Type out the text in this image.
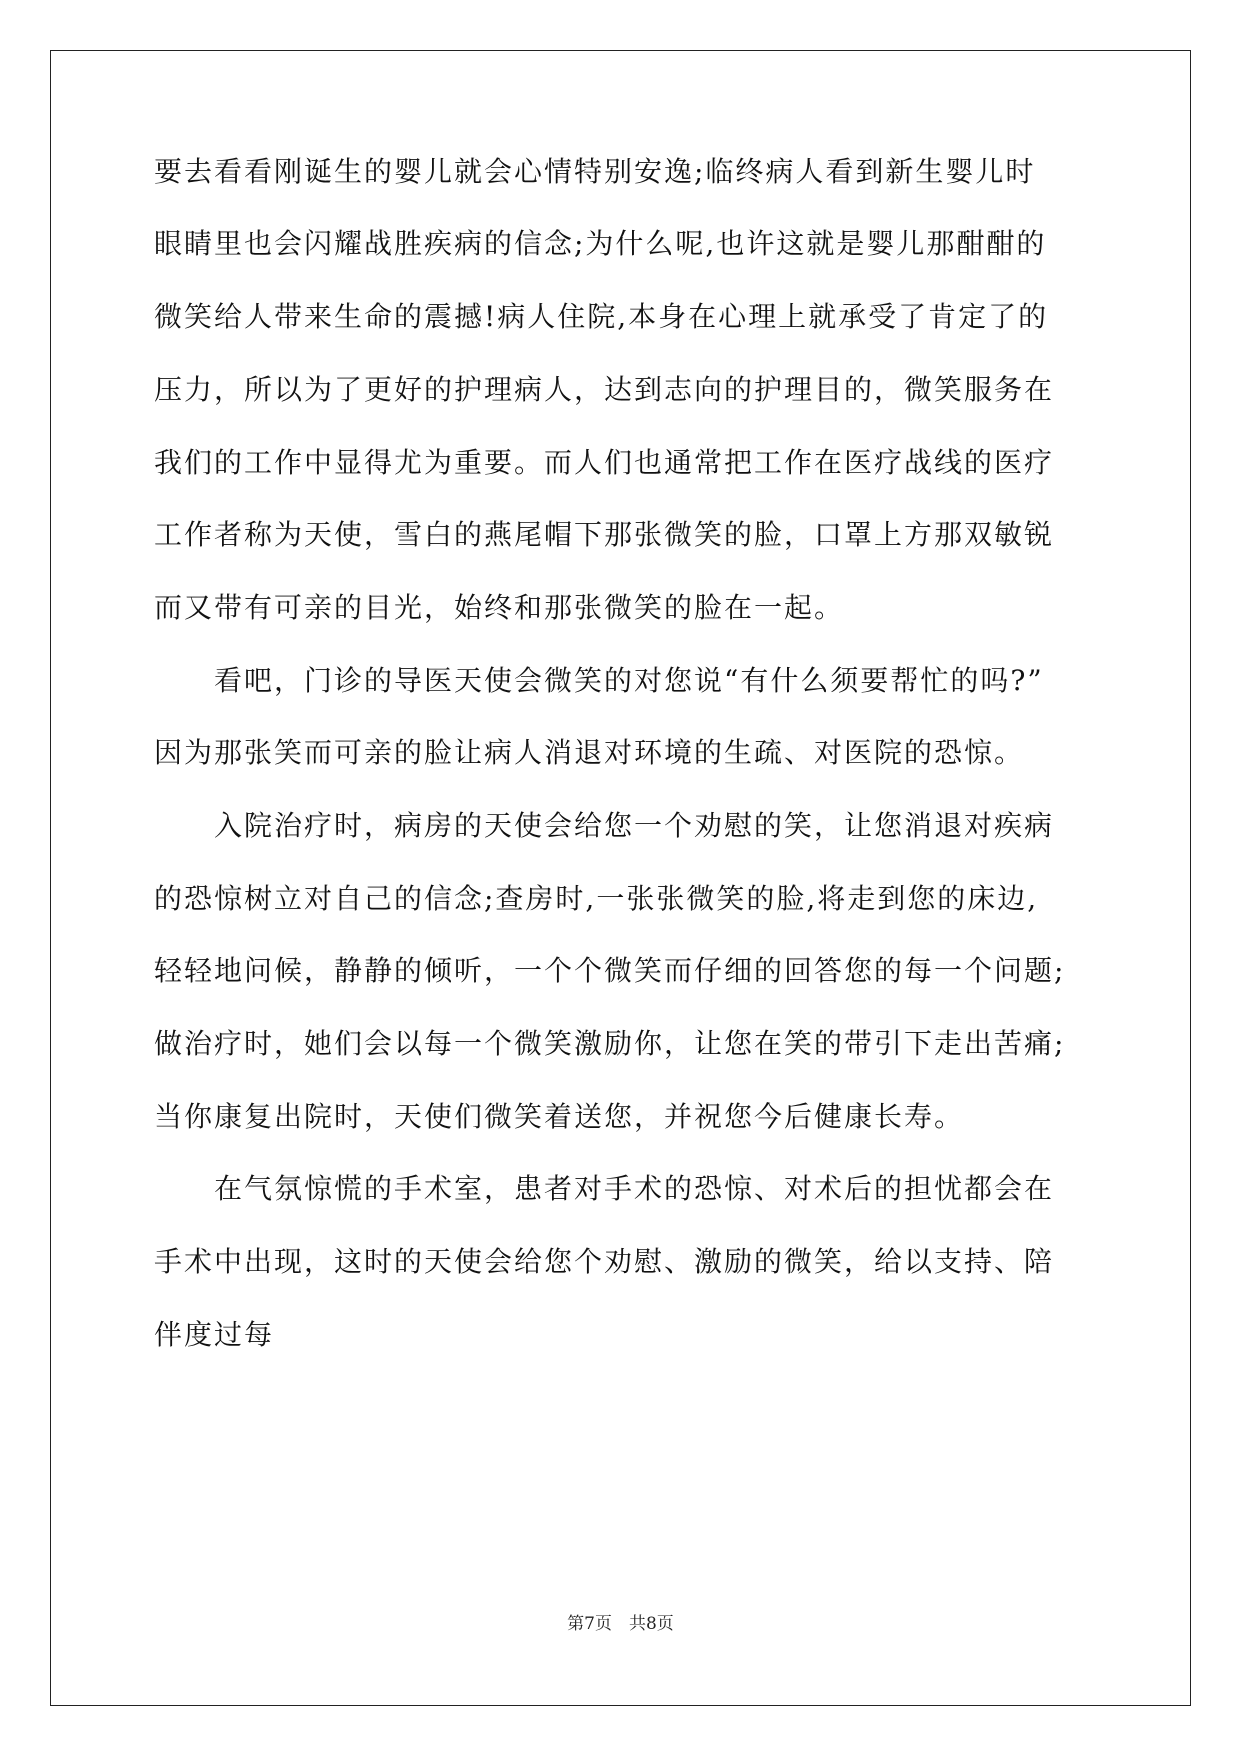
要去看看刚诞生的婴儿就会心情特别安逸;临终病人看到新生婴儿时
眼睛里也会闪耀战胜疾病的信念;为什么呢,也许这就是婴儿那酣酣的
微笑给人带来生命的震撼!病人住院,本身在心理上就承受了肯定了的
压力，所以为了更好的护理病人，达到志向的护理目的，微笑服务在
我们的工作中显得尤为重要。而人们也通常把工作在医疗战线的医疗
工作者称为天使，雪白的燕尾帽下那张微笑的脸，口罩上方那双敏锐
而又带有可亲的目光，始终和那张微笑的脸在一起。
　　看吧，门诊的导医天使会微笑的对您说“有什么须要帮忙的吗?”
因为那张笑而可亲的脸让病人消退对环境的生疏、对医院的恐惊。
　　入院治疗时，病房的天使会给您一个劝慰的笑，让您消退对疾病
的恐惊树立对自己的信念;查房时,一张张微笑的脸,将走到您的床边,
轻轻地问候，静静的倾听，一个个微笑而仔细的回答您的每一个问题;
做治疗时，她们会以每一个微笑激励你，让您在笑的带引下走出苦痛;
当你康复出院时，天使们微笑着送您，并祝您今后健康长寿。
　　在气氛惊慌的手术室，患者对手术的恐惊、对术后的担忧都会在
手术中出现，这时的天使会给您个劝慰、激励的微笑，给以支持、陪
伴度过每
第7页　共8页
